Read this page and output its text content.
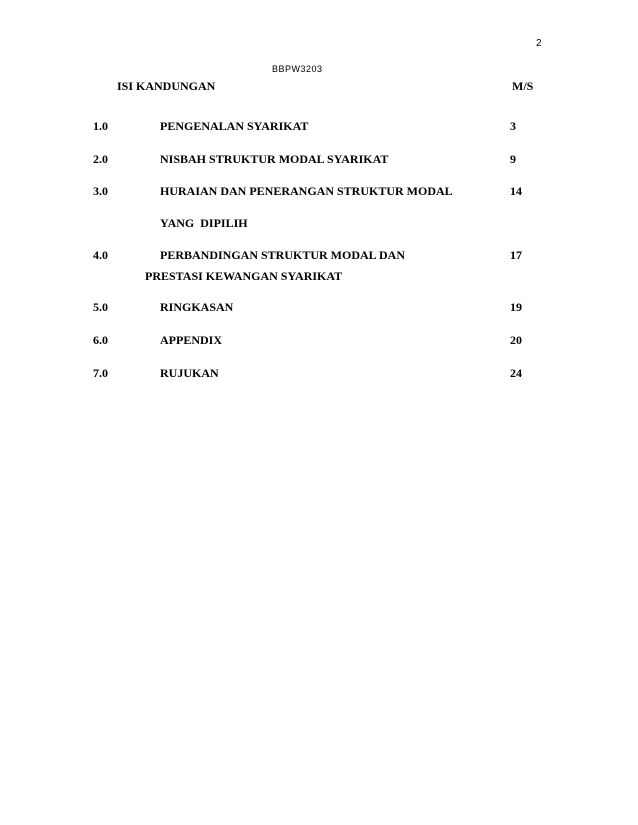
2
BBPW3203
ISI KANDUNGAN	M/S
1.0	PENGENALAN SYARIKAT	3
2.0	NISBAH STRUKTUR MODAL SYARIKAT	9
3.0	HURAIAN DAN PENERANGAN STRUKTUR MODAL	14
YANG  DIPILIH
4.0	PERBANDINGAN STRUKTUR MODAL DAN	17
PRESTASI KEWANGAN SYARIKAT
5.0	RINGKASAN	19
6.0	APPENDIX	20
7.0	RUJUKAN	24
